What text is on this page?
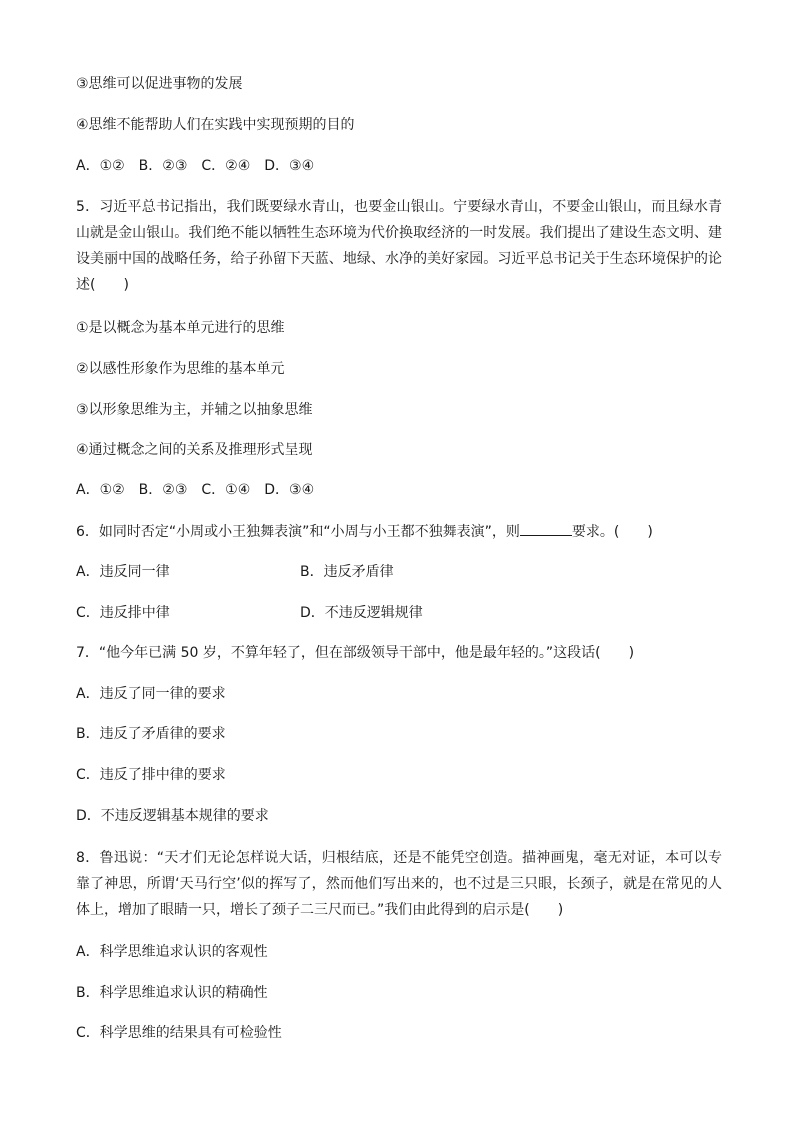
③思维可以促进事物的发展
④思维不能帮助人们在实践中实现预期的目的
A．①②　B．②③　C．②④　D．③④
5．习近平总书记指出，我们既要绿水青山，也要金山银山。宁要绿水青山，不要金山银山，而且绿水青山就是金山银山。我们绝不能以牺牲生态环境为代价换取经济的一时发展。我们提出了建设生态文明、建设美丽中国的战略任务，给子孙留下天蓝、地绿、水净的美好家园。习近平总书记关于生态环境保护的论述(　　)
①是以概念为基本单元进行的思维
②以感性形象作为思维的基本单元
③以形象思维为主，并辅之以抽象思维
④通过概念之间的关系及推理形式呈现
A．①②　B．②③　C．①④　D．③④
6．如同时否定“小周或小王独舞表演”和“小周与小王都不独舞表演”，则	要求。(　　)
A．违反同一律	B．违反矛盾律
C．违反排中律	D．不违反逻辑规律
7．“他今年已满 50 岁，不算年轻了，但在部级领导干部中，他是最年轻的。”这段话(　　)
A．违反了同一律的要求
B．违反了矛盾律的要求
C．违反了排中律的要求
D．不违反逻辑基本规律的要求
8．鲁迅说：“天才们无论怎样说大话，归根结底，还是不能凭空创造。描神画鬼，毫无对证，本可以专靠了神思，所谓‘天马行空’似的挥写了，然而他们写出来的，也不过是三只眼，长颈子，就是在常见的人体上，增加了眼睛一只，增长了颈子二三尺而已。”我们由此得到的启示是(　　)
A．科学思维追求认识的客观性
B．科学思维追求认识的精确性
C．科学思维的结果具有可检验性
